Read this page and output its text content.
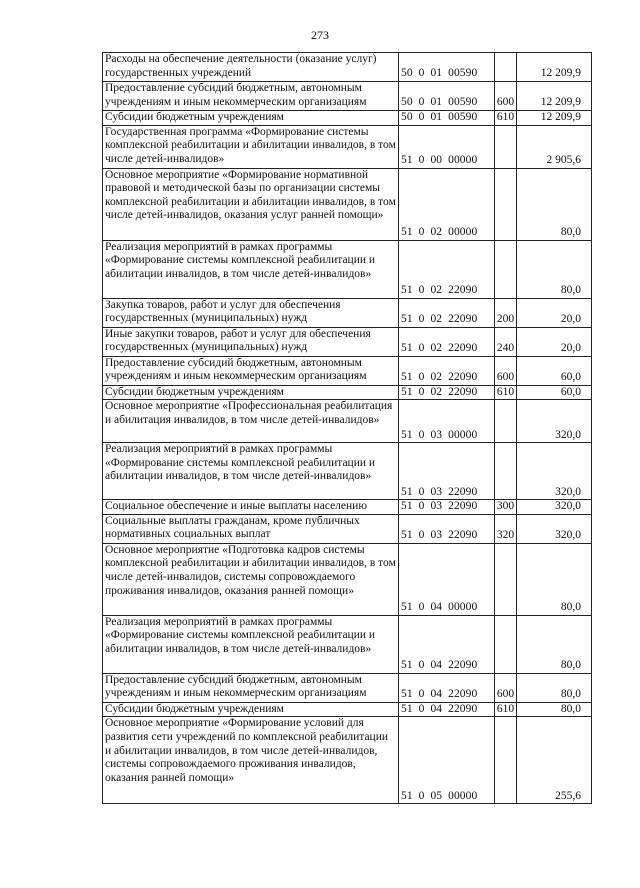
273
Расходы на обеспечение деятельности (оказание услуг) государственных учреждений	50  0  01  00590		12 209,9

Предоставление субсидий бюджетным, автономным учреждениям и иным некоммерческим организациям	50  0  01  00590	600	12 209,9

Субсидии бюджетным учреждениям	50  0  01  00590	610	12 209,9

Государственная программа «Формирование системы комплексной реабилитации и абилитации инвалидов, в том числе детей-инвалидов»	51  0  00  00000		2 905,6

Основное мероприятие «Формирование нормативной правовой и методической базы по организации системы комплексной реабилитации и абилитации инвалидов, в том числе детей-инвалидов, оказания услуг ранней помощи»	51  0  02  00000		80,0

Реализация мероприятий в рамках программы «Формирование системы комплексной реабилитации и абилитации инвалидов, в том числе детей-инвалидов»	51  0  02  22090		80,0

Закупка товаров, работ и услуг для обеспечения государственных (муниципальных) нужд	51  0  02  22090	200	20,0

Иные закупки товаров, работ и услуг для обеспечения государственных (муниципальных) нужд	51  0  02  22090	240	20,0

Предоставление субсидий бюджетным, автономным учреждениям и иным некоммерческим организациям	51  0  02  22090	600	60,0

Субсидии бюджетным учреждениям	51  0  02  22090	610	60,0

Основное мероприятие «Профессиональная реабилитация и абилитация инвалидов, в том числе детей-инвалидов»	51  0  03  00000		320,0

Реализация мероприятий в рамках программы «Формирование системы комплексной реабилитации и абилитации инвалидов, в том числе детей-инвалидов»	51  0  03  22090		320,0

Социальное обеспечение и иные выплаты населению	51  0  03  22090	300	320,0

Социальные выплаты гражданам, кроме публичных нормативных социальных выплат	51  0  03  22090	320	320,0

Основное мероприятие «Подготовка кадров системы комплексной реабилитации и абилитации инвалидов, в том числе детей-инвалидов, системы сопровождаемого проживания инвалидов, оказания ранней помощи»	51  0  04  00000		80,0

Реализация мероприятий в рамках программы «Формирование системы комплексной реабилитации и абилитации инвалидов, в том числе детей-инвалидов»	51  0  04  22090		80,0

Предоставление субсидий бюджетным, автономным учреждениям и иным некоммерческим организациям	51  0  04  22090	600	80,0

Субсидии бюджетным учреждениям	51  0  04  22090	610	80,0

Основное мероприятие «Формирование условий для развития сети учреждений по комплексной реабилитации и абилитации инвалидов, в том числе детей-инвалидов, системы сопровождаемого проживания инвалидов, оказания ранней помощи»	51  0  05  00000		255,6
